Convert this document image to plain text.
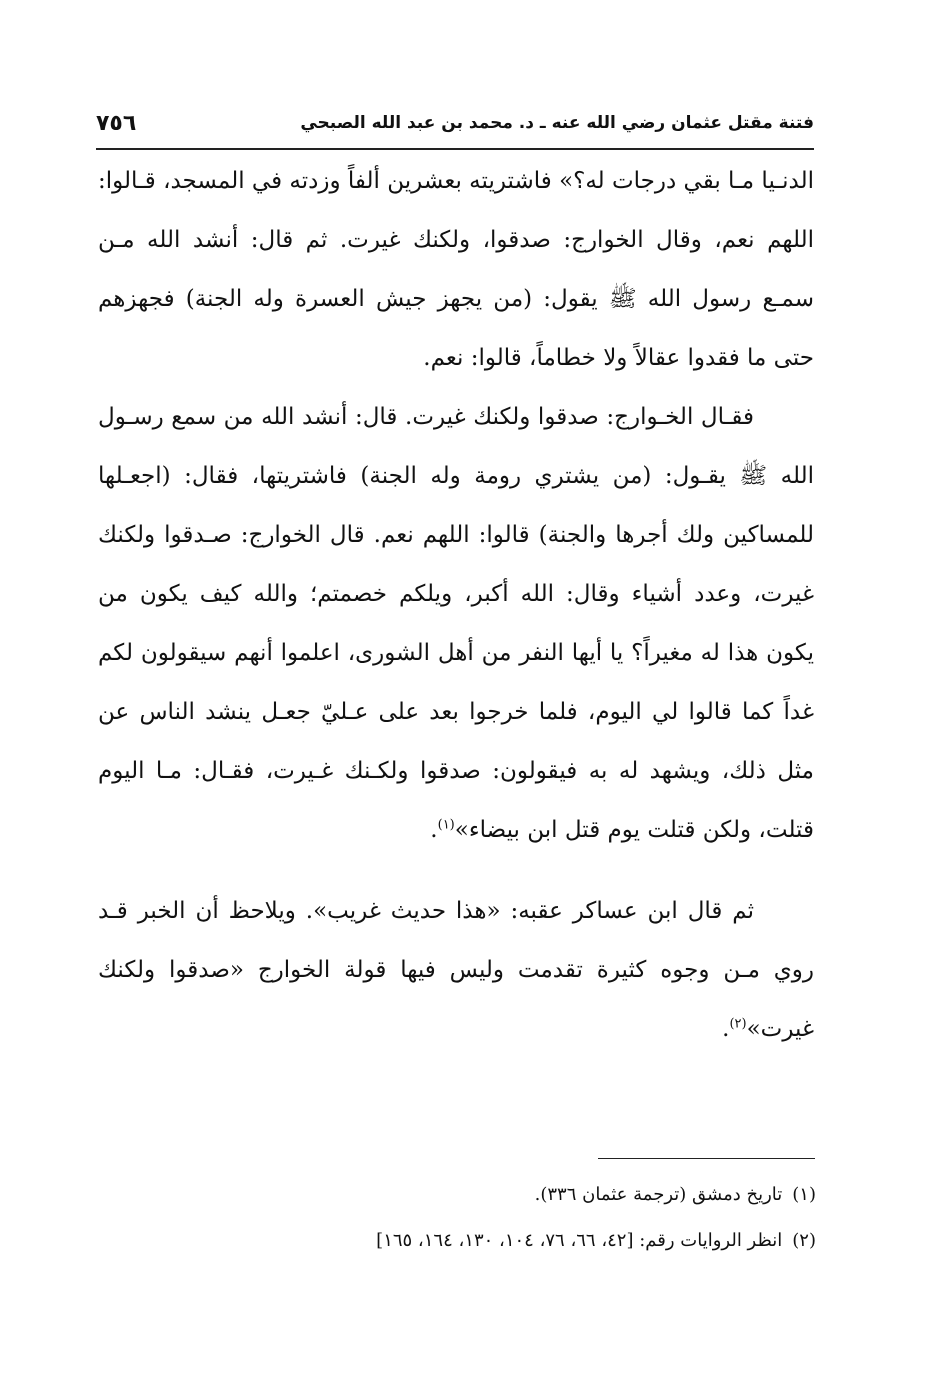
فتنة مقتل عثمان رضي الله عنه ـ د. محمد بن عبد الله الصبحي
٧٥٦

الدنـيا مـا بقي درجات له؟» فاشتريته بعشرين ألفاً وزدته في المسجد، قـالوا: اللهم نعم، وقال الخوارج: صدقوا، ولكنك غيرت. ثم قال: أنشد الله مـن سمـع رسول الله ﷺ يقول: (من يجهز جيش العسرة وله الجنة) فجهزهم حتى ما فقدوا عقالاً ولا خطاماً، قالوا: نعم.

فقـال الخـوارج: صدقوا ولكنك غيرت. قال: أنشد الله من سمع رسـول الله ﷺ يقـول: (من يشتري رومة وله الجنة) فاشتريتها، فقال: (اجعـلها للمساكين ولك أجرها والجنة) قالوا: اللهم نعم. قال الخوارج: صـدقوا ولكنك غيرت، وعدد أشياء وقال: الله أكبر، ويلكم خصمتم؛ والله كيف يكون من يكون هذا له مغيراً؟ يا أيها النفر من أهل الشورى، اعلموا أنهم سيقولون لكم غداً كما قالوا لي اليوم، فلما خرجوا بعد على عـليّ جعـل ينشد الناس عن مثل ذلك، ويشهد له به فيقولون: صدقوا ولكـنك غـيرت، فقـال: مـا اليوم قتلت، ولكن قتلت يوم قتل ابن بيضاء»$^{(١)}$.

ثم قال ابن عساكر عقبه: «هذا حديث غريب». ويلاحظ أن الخبر قـد روي مـن وجوه كثيرة تقدمت وليس فيها قولة الخوارج «صدقوا ولكنك غيرت»$^{(٢)}$.

(١)تاريخ دمشق (ترجمة عثمان ٣٣٦).

(٢)انظر الروايات رقم: [٤٢، ٦٦، ٧٦، ١٠٤، ١٣٠، ١٦٤، ١٦٥]
